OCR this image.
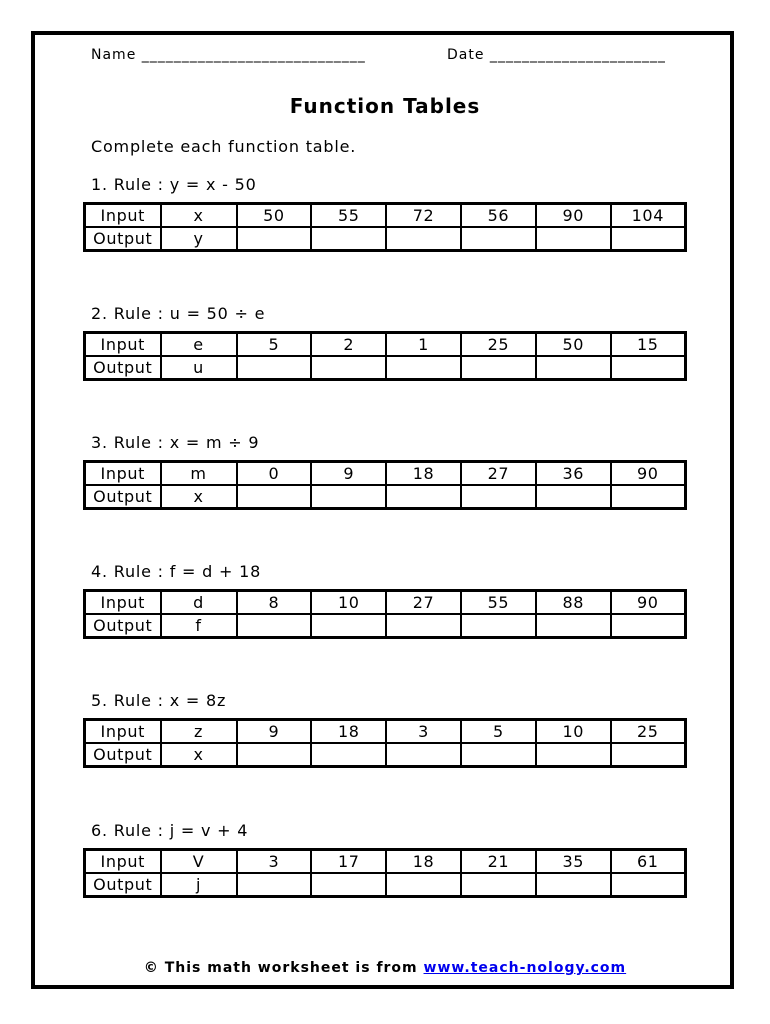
Name ____________________________	Date ______________________
Function Tables
Complete each function table.
1. Rule : y = x - 50
Input	x	50	55	72	56	90	104
Output	y						
2. Rule : u = 50 ÷ e
Input	e	5	2	1	25	50	15
Output	u						
3. Rule : x = m ÷ 9
Input	m	0	9	18	27	36	90
Output	x						
4. Rule : f = d + 18
Input	d	8	10	27	55	88	90
Output	f						
5. Rule : x = 8z
Input	z	9	18	3	5	10	25
Output	x						
6. Rule : j = v + 4
Input	V	3	17	18	21	35	61
Output	j						
© This math worksheet is from www.teach-nology.com
